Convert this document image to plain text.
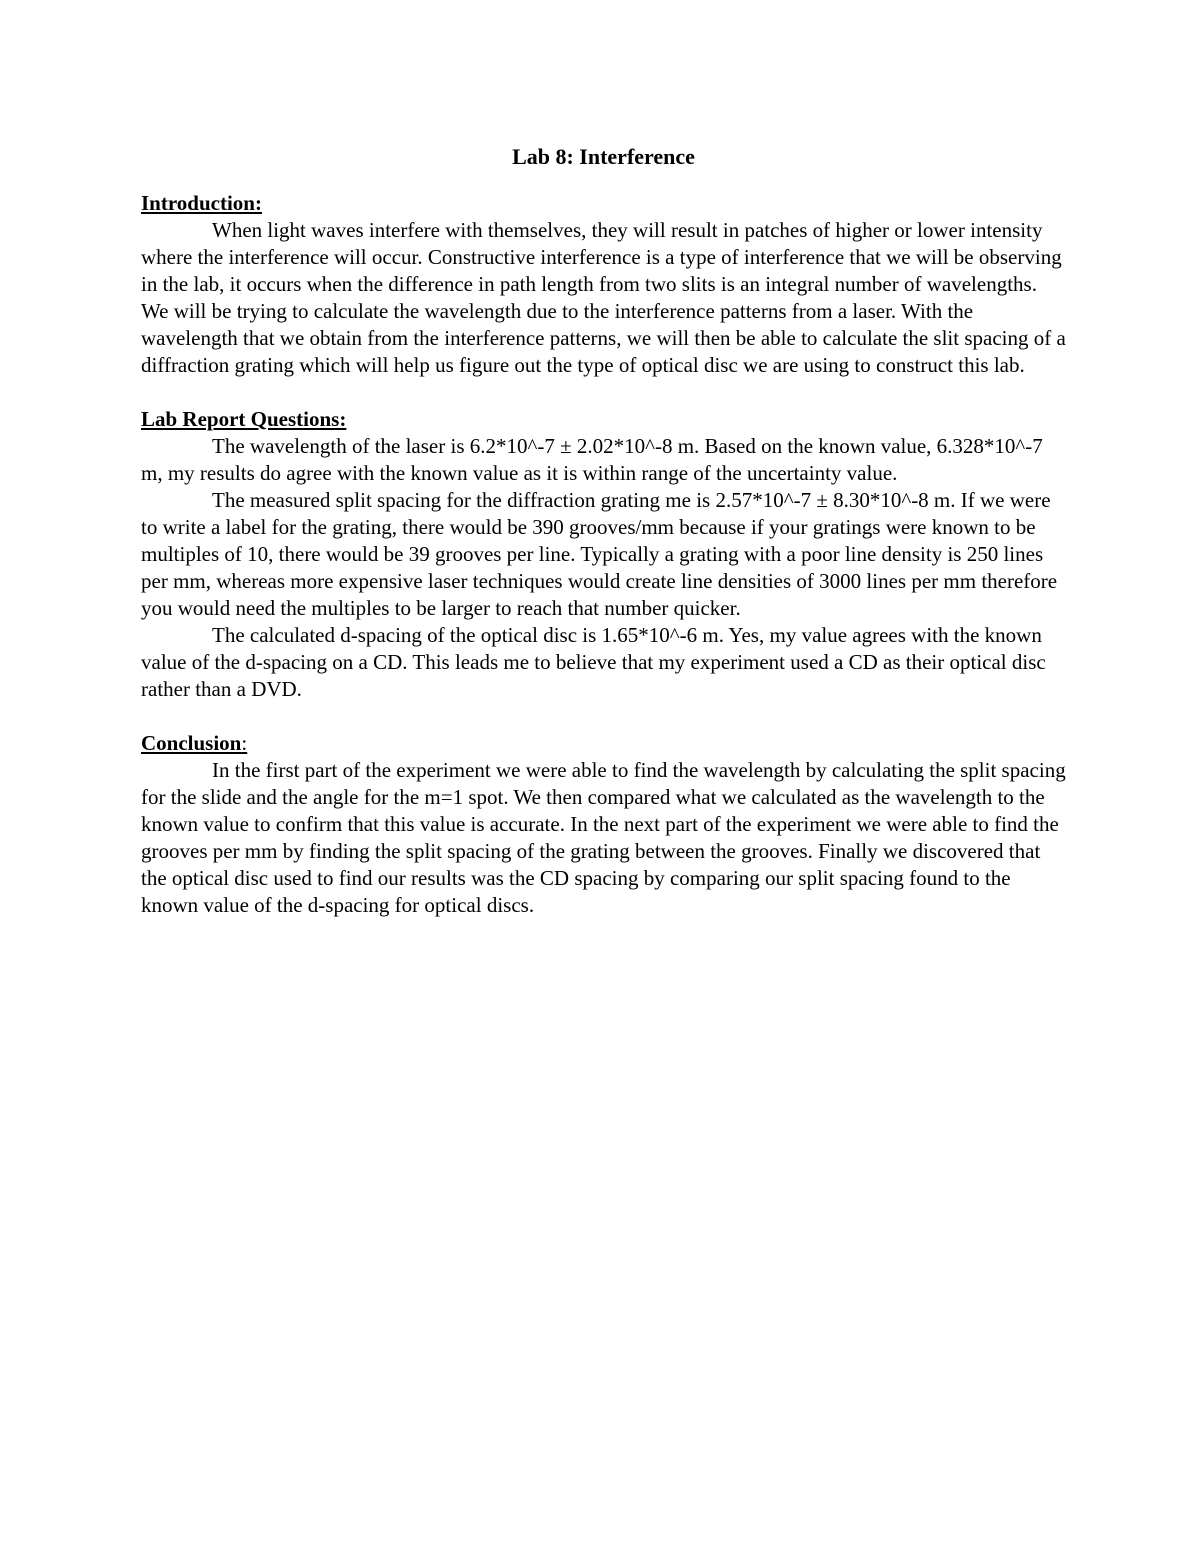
Lab 8: Interference
Introduction:

When light waves interfere with themselves, they will result in patches of higher or lower intensity where the interference will occur. Constructive interference is a type of interference that we will be observing in the lab, it occurs when the difference in path length from two slits is an integral number of wavelengths. We will be trying to calculate the wavelength due to the interference patterns from a laser. With the wavelength that we obtain from the interference patterns, we will then be able to calculate the slit spacing of a diffraction grating which will help us figure out the type of optical disc we are using to construct this lab.

Lab Report Questions:

The wavelength of the laser is 6.2*10^-7 ± 2.02*10^-8 m. Based on the known value, 6.328*10^-7 m, my results do agree with the known value as it is within range of the uncertainty value.

The measured split spacing for the diffraction grating me is 2.57*10^-7 ± 8.30*10^-8 m. If we were to write a label for the grating, there would be 390 grooves/mm because if your gratings were known to be multiples of 10, there would be 39 grooves per line. Typically a grating with a poor line density is 250 lines per mm, whereas more expensive laser techniques would create line densities of 3000 lines per mm therefore you would need the multiples to be larger to reach that number quicker.

The calculated d-spacing of the optical disc is 1.65*10^-6 m. Yes, my value agrees with the known value of the d-spacing on a CD. This leads me to believe that my experiment used a CD as their optical disc rather than a DVD.

Conclusion:

In the first part of the experiment we were able to find the wavelength by calculating the split spacing for the slide and the angle for the m=1 spot. We then compared what we calculated as the wavelength to the known value to confirm that this value is accurate. In the next part of the experiment we were able to find the grooves per mm by finding the split spacing of the grating between the grooves. Finally we discovered that the optical disc used to find our results was the CD spacing by comparing our split spacing found to the known value of the d-spacing for optical discs.
